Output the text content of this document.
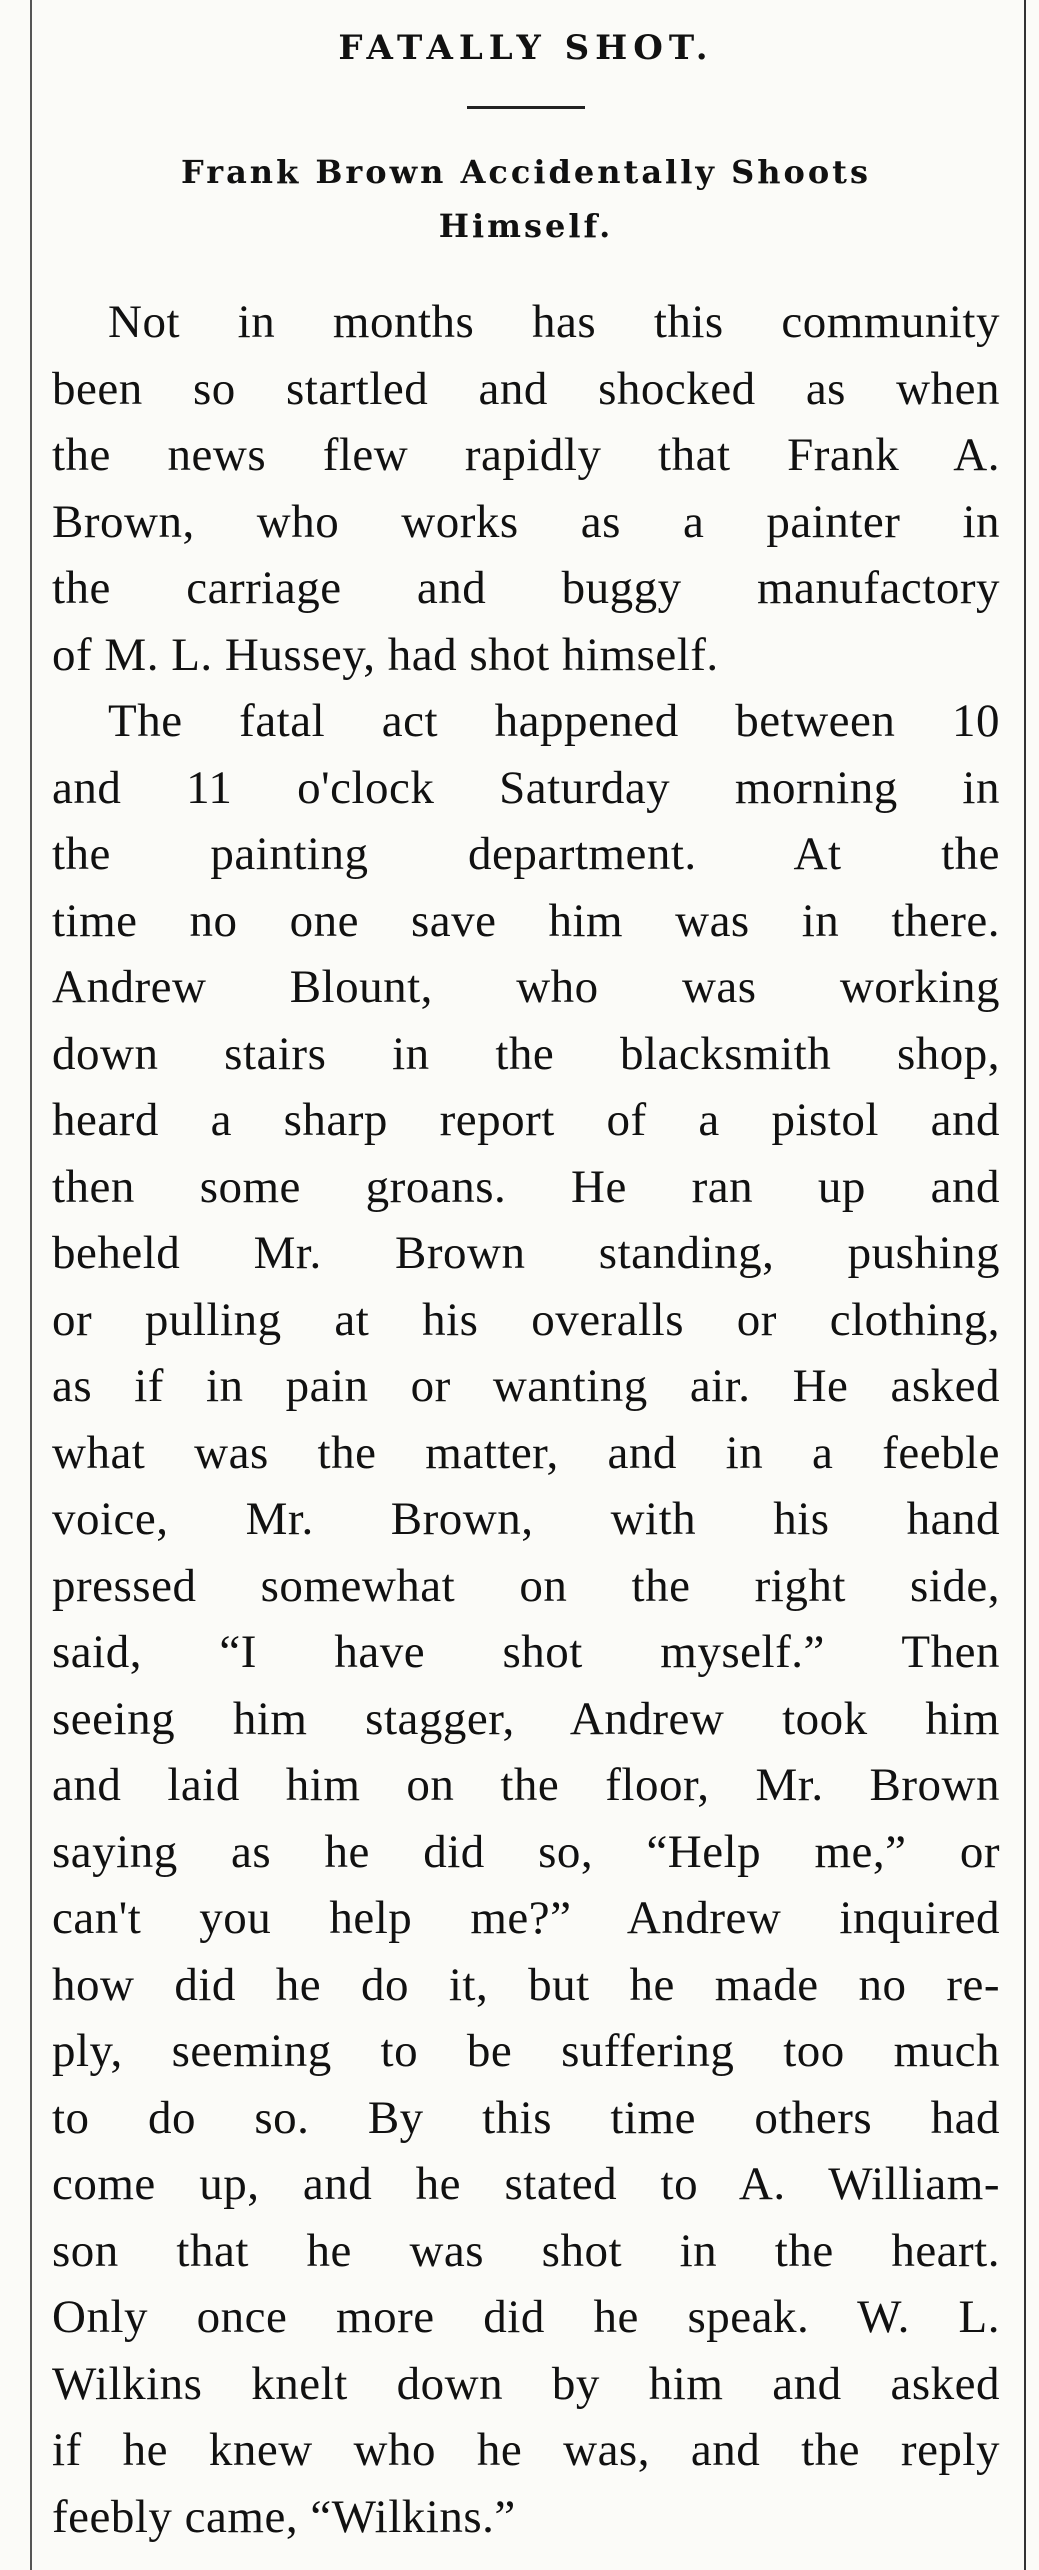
FATALLY SHOT.
Frank Brown Accidentally Shoots
Himself.
Not in months has this community
been so startled and shocked as when
the news flew rapidly that Frank A.
Brown, who works as a painter in
the carriage and buggy manufactory
of M. L. Hussey, had shot himself.
The fatal act happened between 10
and 11 o'clock Saturday morning in
the painting department. At the
time no one save him was in there.
Andrew Blount, who was working
down stairs in the blacksmith shop,
heard a sharp report of a pistol and
then some groans. He ran up and
beheld Mr. Brown standing, pushing
or pulling at his overalls or clothing,
as if in pain or wanting air. He asked
what was the matter, and in a feeble
voice, Mr. Brown, with his hand
pressed somewhat on the right side,
said, “I have shot myself.” Then
seeing him stagger, Andrew took him
and laid him on the floor, Mr. Brown
saying as he did so, “Help me,” or
can't you help me?” Andrew inquired
how did he do it, but he made no re-
ply, seeming to be suffering too much
to do so. By this time others had
come up, and he stated to A. William-
son that he was shot in the heart.
Only once more did he speak. W. L.
Wilkins knelt down by him and asked
if he knew who he was, and the reply
feebly came, “Wilkins.”
